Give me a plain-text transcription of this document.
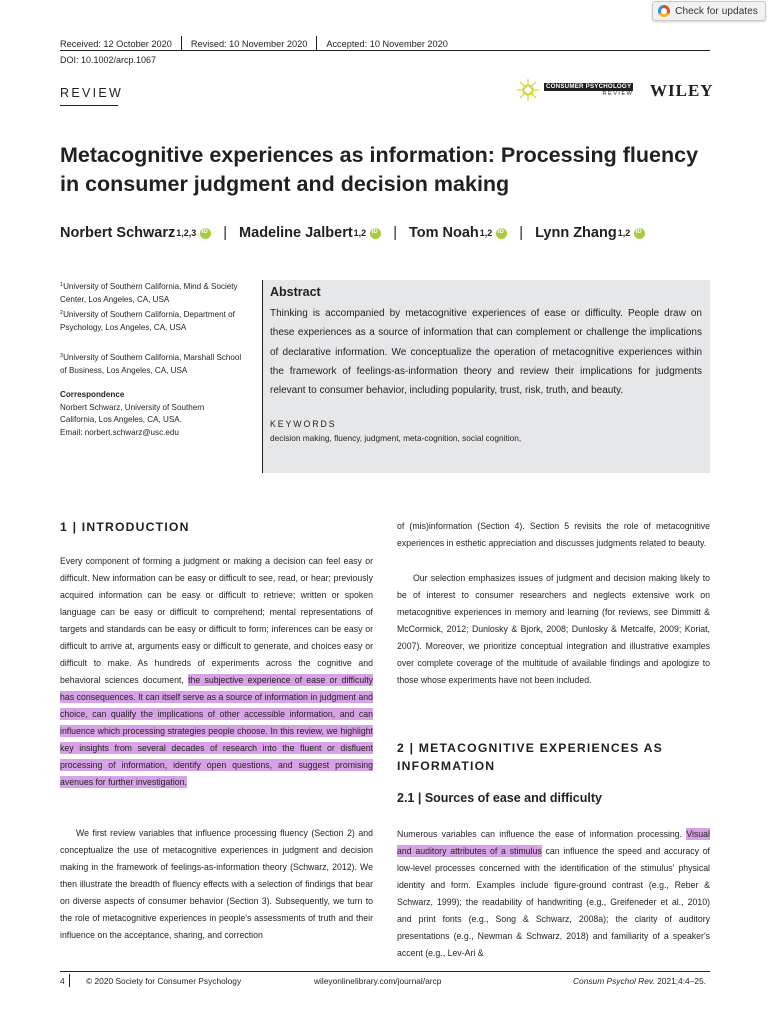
Check for updates
Received: 12 October 2020 Revised: 10 November 2020 Accepted: 10 November 2020
DOI: 10.1002/arcp.1067
REVIEW	CONSUMER PSYCHOLOGY
REVIEW WILEY
Metacognitive experiences as information: Processing fluency
in consumer judgment and decision making
Norbert Schwarz 1,2,3 iD | Madeline Jalbert 1,2 iD | Tom Noah 1,2 iD | Lynn Zhang 1,2
iD
$^1$University of Southern California, Mind & Society Center, Los Angeles, CA, USA
$^2$University of Southern California, Department of Psychology, Los Angeles, CA, USA
$^3$University of Southern California, Marshall School of Business, Los Angeles, CA, USA
Correspondence
Norbert Schwarz, University of Southern
California, Los Angeles, CA, USA.
Email: norbert.schwarz@usc.edu
Abstract
Thinking is accompanied by metacognitive experiences of ease or difficulty. People draw on these experiences as a source of information that can complement or challenge the implications of declarative information. We conceptualize the operation of metacognitive experiences within the framework of feelings-as-information theory and review their implications for judgments relevant to consumer behavior, including popularity, trust, risk, truth, and beauty.
KEYWORDS
decision making, fluency, judgment, meta-cognition, social cognition,
1 | INTRODUCTION
Every component of forming a judgment or making a decision can feel easy or difficult. New information can be easy or difficult to see, read, or hear; previously acquired information can be easy or difficult to retrieve; written or spoken language can be easy or difficult to comprehend; mental representations of targets and standards can be easy or difficult to form; inferences can be easy or difficult to arrive at, arguments easy or difficult to generate, and choices easy or difficult to make. As hundreds of experiments across the cognitive and behavioral sciences document, the subjective experience of ease or difficulty has consequences. It can itself serve as a source of information in judgment and choice, can qualify the implications of other accessible information, and can influence which processing strategies people choose. In this review, we highlight key insights from several decades of research into the fluent or disfluent processing of information, identify open questions, and suggest promising avenues for further investigation.
We first review variables that influence processing fluency (Section 2) and conceptualize the use of metacognitive experiences in judgment and decision making in the framework of feelings-as-information theory (Schwarz, 2012). We then illustrate the breadth of fluency effects with a selection of findings that bear on diverse aspects of consumer behavior (Section 3). Subsequently, we turn to the role of metacognitive experiences in people's assessments of truth and their influence on the acceptance, sharing, and correction
of (mis)information (Section 4). Section 5 revisits the role of metacognitive experiences in esthetic appreciation and discusses judgments related to beauty.
Our selection emphasizes issues of judgment and decision making likely to be of interest to consumer researchers and neglects extensive work on metacognitive experiences in memory and learning (for reviews, see Dimmitt & McCormick, 2012; Dunlosky & Bjork, 2008; Dunlosky & Metcalfe, 2009; Koriat, 2007). Moreover, we prioritize conceptual integration and illustrative examples over complete coverage of the multitude of available findings and apologize to those whose experiments have not been included.
2 | METACOGNITIVE EXPERIENCES AS
INFORMATION
2.1 | Sources of ease and difficulty
Numerous variables can influence the ease of information processing. Visual and auditory attributes of a stimulus can influence the speed and accuracy of low-level processes concerned with the identification of the stimulus' physical identity and form. Examples include figure-ground contrast (e.g., Reber & Schwarz, 1999); the readability of handwriting (e.g., Greifeneder et al., 2010) and print fonts (e.g., Song & Schwarz, 2008a); the clarity of auditory presentations (e.g., Newman & Schwarz, 2018) and familiarity of a speaker's accent (e.g., Lev-Ari &
4	© 2020 Society for Consumer Psychology	wileyonlinelibrary.com/journal/arcp	Consum Psychol Rev. 2021;4:4–25.
